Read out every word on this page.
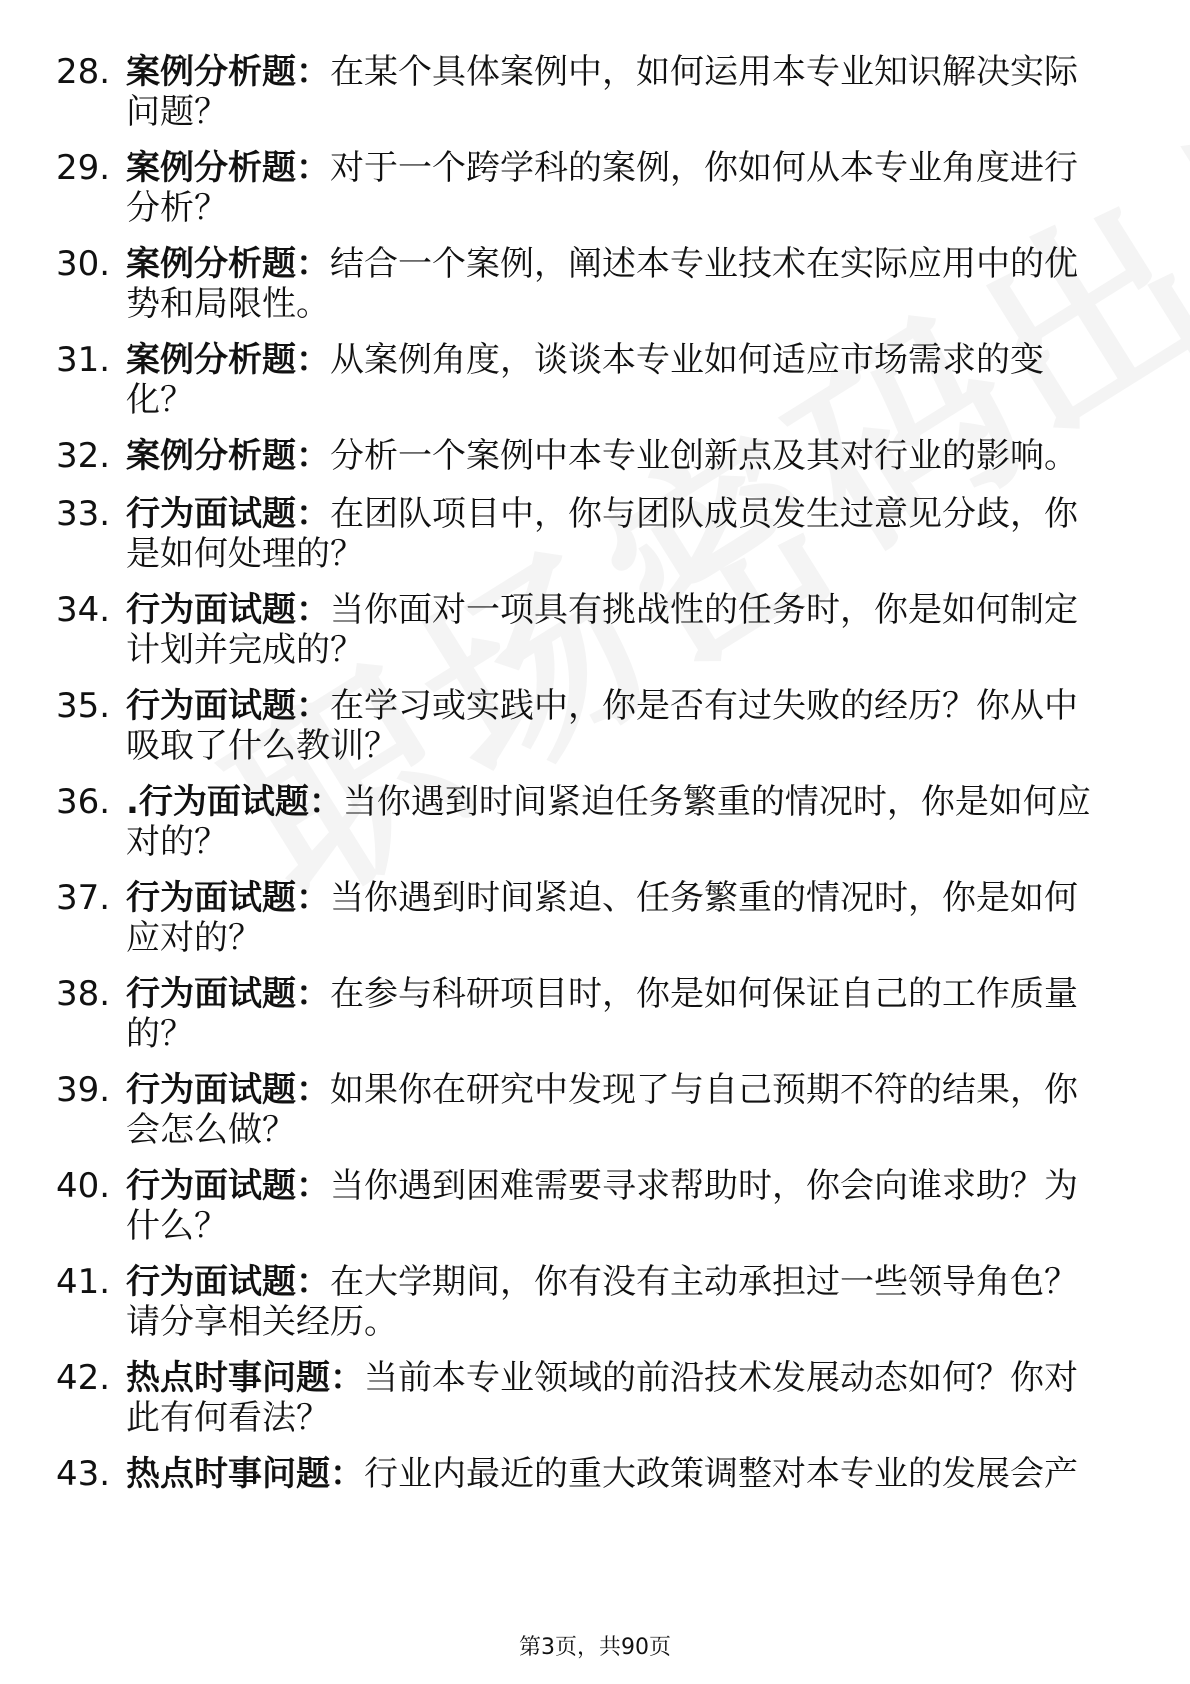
28. 案例分析题：在某个具体案例中，如何运用本专业知识解决实际
问题？
29. 案例分析题：对于一个跨学科的案例，你如何从本专业角度进行
分析？
30. 案例分析题：结合一个案例，阐述本专业技术在实际应用中的优
势和局限性。
31. 案例分析题：从案例角度，谈谈本专业如何适应市场需求的变
化？
32. 案例分析题：分析一个案例中本专业创新点及其对行业的影响。
33. 行为面试题：在团队项目中，你与团队成员发生过意见分歧，你
是如何处理的？
34. 行为面试题：当你面对一项具有挑战性的任务时，你是如何制定
计划并完成的？
35. 行为面试题：在学习或实践中，你是否有过失败的经历？你从中
吸取了什么教训？
36. .行为面试题：当你遇到时间紧迫任务繁重的情况时，你是如何应
对的？
37. 行为面试题：当你遇到时间紧迫、任务繁重的情况时，你是如何
应对的？
38. 行为面试题：在参与科研项目时，你是如何保证自己的工作质量
的？
39. 行为面试题：如果你在研究中发现了与自己预期不符的结果，你
会怎么做？
40. 行为面试题：当你遇到困难需要寻求帮助时，你会向谁求助？为
什么？
41. 行为面试题：在大学期间，你有没有主动承担过一些领导角色？
请分享相关经历。
42. 热点时事问题：当前本专业领域的前沿技术发展动态如何？你对
此有何看法？
43. 热点时事问题：行业内最近的重大政策调整对本专业的发展会产
第3页，共90页
